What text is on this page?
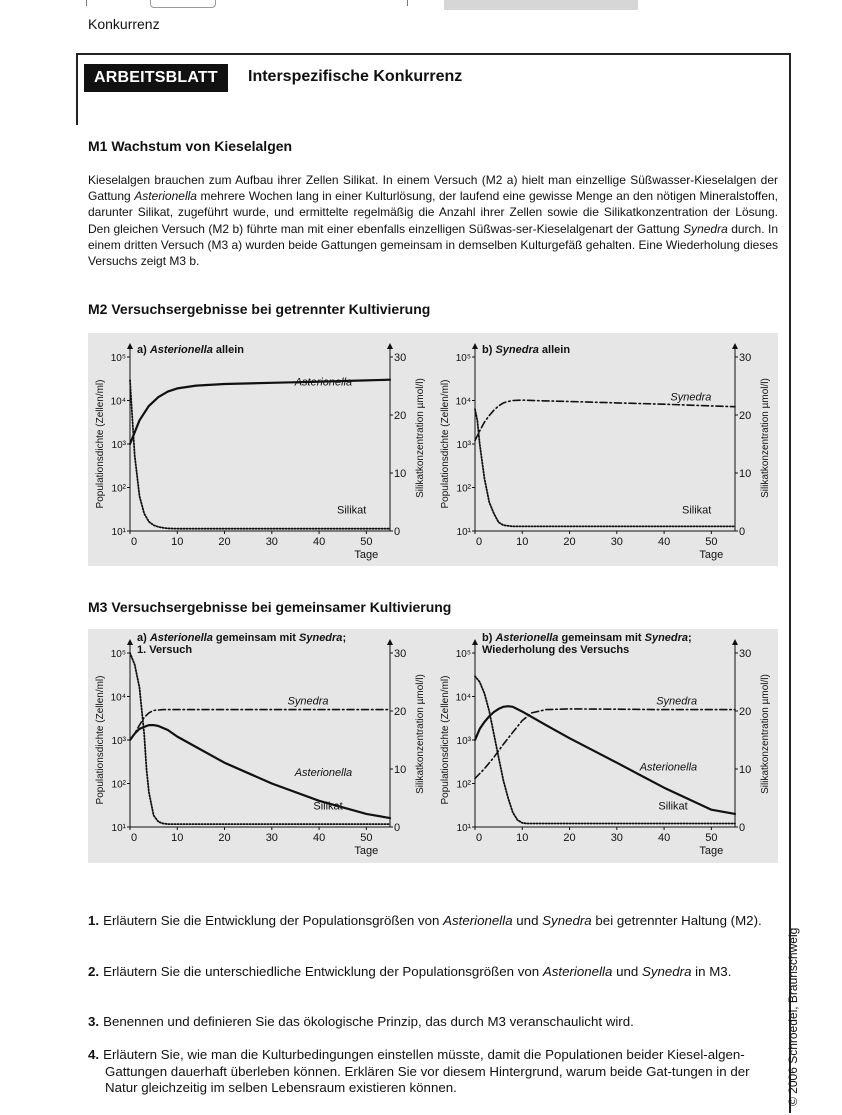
Konkurrenz
ARBEITSBLATT	Interspezifische Konkurrenz
M1 Wachstum von Kieselalgen
Kieselalgen brauchen zum Aufbau ihrer Zellen Silikat. In einem Versuch (M2 a) hielt man einzellige Süßwasser-Kieselalgen der Gattung Asterionella mehrere Wochen lang in einer Kulturlösung, der laufend eine gewisse Menge an den nötigen Mineralstoffen, darunter Silikat, zugeführt wurde, und ermittelte regelmäßig die Anzahl ihrer Zellen sowie die Silikatkonzentration der Lösung. Den gleichen Versuch (M2 b) führte man mit einer ebenfalls einzelligen Süßwas-ser-Kieselalgenart der Gattung Synedra durch. In einem dritten Versuch (M3 a) wurden beide Gattungen gemeinsam in demselben Kulturgefäß gehalten. Eine Wiederholung dieses Versuchs zeigt M3 b.
M2 Versuchsergebnisse bei getrennter Kultivierung
0	10	20	30	40	50
Tage
10¹
10²
10³
10⁴
10⁵
0
10
20
30
Populationsdichte (Zellen/ml)	Silikatkonzentration µmol/l)
a) Asterionella allein
Asterionella
Silikat
0	10	20	30	40	50
Tage
10¹
10²
10³
10⁴
10⁵
0
10
20
30
Populationsdichte (Zellen/ml)	Silikatkonzentration µmol/l)
b) Synedra allein
Synedra
Silikat
M3 Versuchsergebnisse bei gemeinsamer Kultivierung
0	10	20	30	40	50
Tage
10¹
10²
10³
10⁴
10⁵
0
10
20
30
Populationsdichte (Zellen/ml)	Silikatkonzentration µmol/l)
a) Asterionella gemeinsam mit Synedra;
1. Versuch
Synedra
Asterionella
Silikat
0	10	20	30	40	50
Tage
10¹
10²
10³
10⁴
10⁵
0
10
20
30
Populationsdichte (Zellen/ml)	Silikatkonzentration µmol/l)
b) Asterionella gemeinsam mit Synedra;
Wiederholung des Versuchs
Synedra
Asterionella
Silikat
1. Erläutern Sie die Entwicklung der Populationsgrößen von Asterionella und Synedra bei getrennter Haltung (M2).
2. Erläutern Sie die unterschiedliche Entwicklung der Populationsgrößen von Asterionella und Synedra in M3.
3. Benennen und definieren Sie das ökologische Prinzip, das durch M3 veranschaulicht wird.
4. Erläutern Sie, wie man die Kulturbedingungen einstellen müsste, damit die Populationen beider Kiesel-algen-Gattungen dauerhaft überleben können. Erklären Sie vor diesem Hintergrund, warum beide Gat-tungen in der Natur gleichzeitig im selben Lebensraum existieren können.	© 2006 Schroedel, Braunschweig
